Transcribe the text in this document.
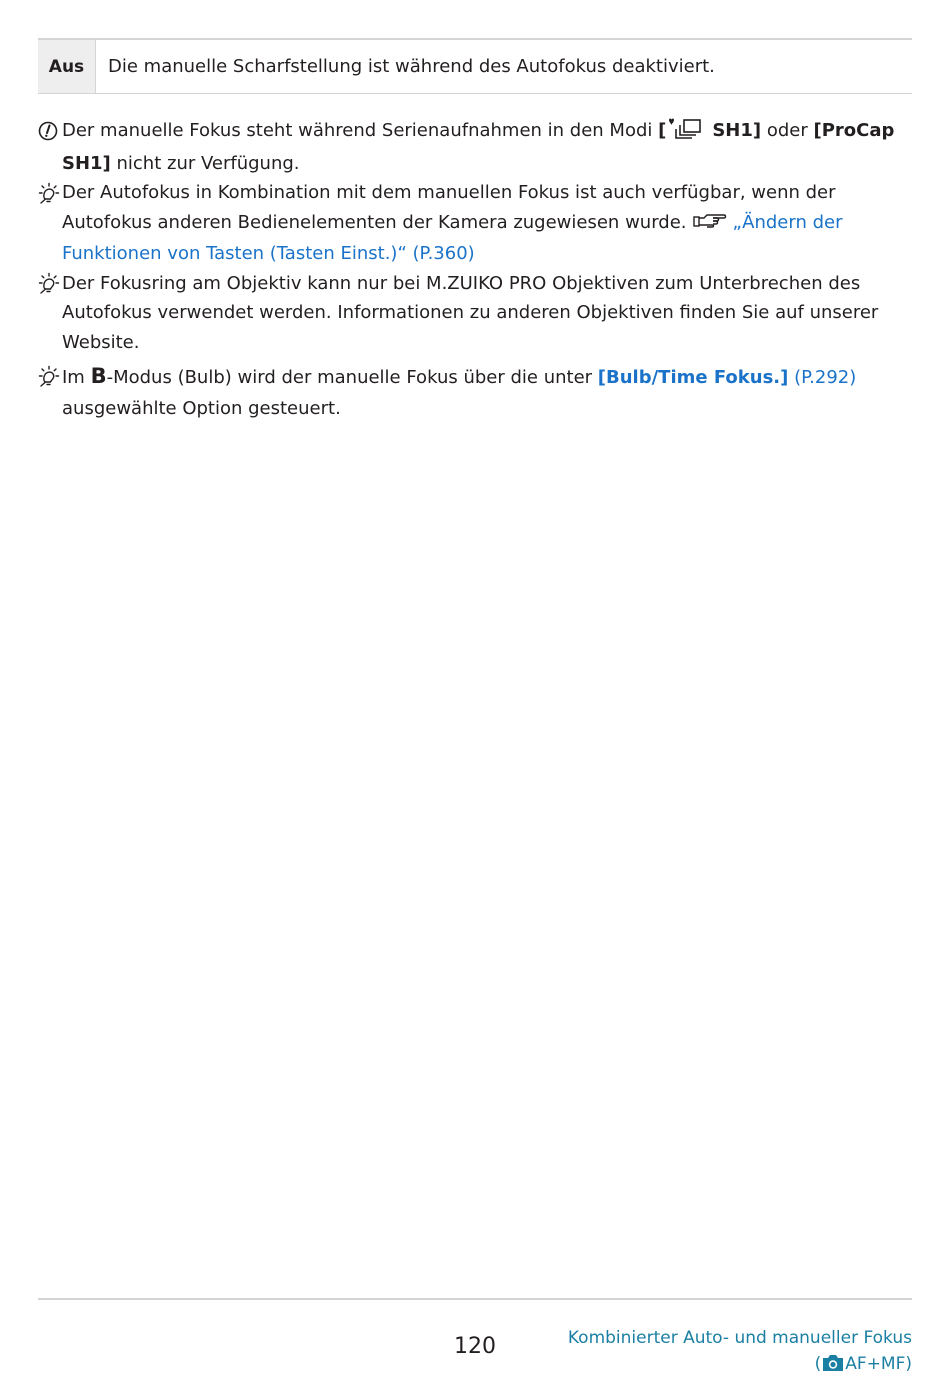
Aus	Die manuelle Scharfstellung ist während des Autofokus deaktiviert.
Der manuelle Fokus steht während Serienaufnahmen in den Modi [	SH1] oder [ProCap SH1] nicht zur Verfügung.
Der Autofokus in Kombination mit dem manuellen Fokus ist auch verfügbar, wenn der Autofokus anderen Bedienelementen der Kamera zugewiesen wurde.	„Ändern der Funktionen von Tasten (Tasten Einst.)“ (P.360)
Der Fokusring am Objektiv kann nur bei M.ZUIKO PRO Objektiven zum Unterbrechen des Autofokus verwendet werden. Informationen zu anderen Objektiven finden Sie auf unserer Website.
Im B-Modus (Bulb) wird der manuelle Fokus über die unter [Bulb/Time Fokus.] (P.292) ausgewählte Option gesteuert.
120	Kombinierter Auto- und manueller Fokus
( AF+MF)
